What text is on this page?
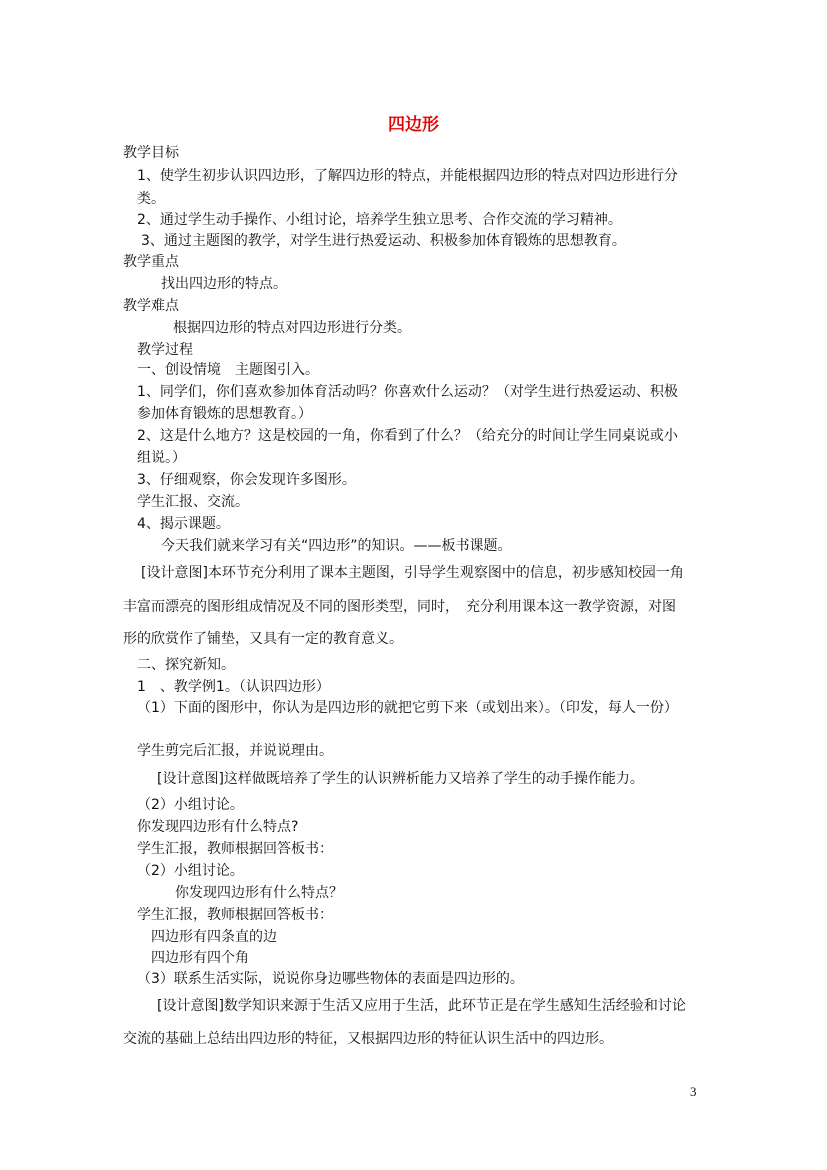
四边形
教学目标
1、使学生初步认识四边形，了解四边形的特点，并能根据四边形的特点对四边形进行分
类。
2、通过学生动手操作、小组讨论，培养学生独立思考、合作交流的学习精神。
3、通过主题图的教学，对学生进行热爱运动、积极参加体育锻炼的思想教育。
教学重点
找出四边形的特点。
教学难点
根据四边形的特点对四边形进行分类。
教学过程
一、创设情境　主题图引入。
1、同学们，你们喜欢参加体育活动吗？你喜欢什么运动？（对学生进行热爱运动、积极
参加体育锻炼的思想教育。）
2、这是什么地方？这是校园的一角，你看到了什么？（给充分的时间让学生同桌说或小
组说。）
3、仔细观察，你会发现许多图形。
学生汇报、交流。
4、揭示课题。
今天我们就来学习有关“四边形”的知识。——板书课题。
[设计意图]本环节充分利用了课本主题图，引导学生观察图中的信息，初步感知校园一角
丰富而漂亮的图形组成情况及不同的图形类型，同时，　充分利用课本这一教学资源，对图
形的欣赏作了铺垫，又具有一定的教育意义。
二、探究新知。
1　、教学例1。（认识四边形）
（1）下面的图形中，你认为是四边形的就把它剪下来（或划出来）。（印发，每人一份）
学生剪完后汇报，并说说理由。
[设计意图]这样做既培养了学生的认识辨析能力又培养了学生的动手操作能力。
（2）小组讨论。
你发现四边形有什么特点?
学生汇报，教师根据回答板书：
（2）小组讨论。
你发现四边形有什么特点？
学生汇报，教师根据回答板书：
四边形有四条直的边
四边形有四个角
（3）联系生活实际，说说你身边哪些物体的表面是四边形的。
[设计意图]数学知识来源于生活又应用于生活，此环节正是在学生感知生活经验和讨论
交流的基础上总结出四边形的特征，又根据四边形的特征认识生活中的四边形。
3
